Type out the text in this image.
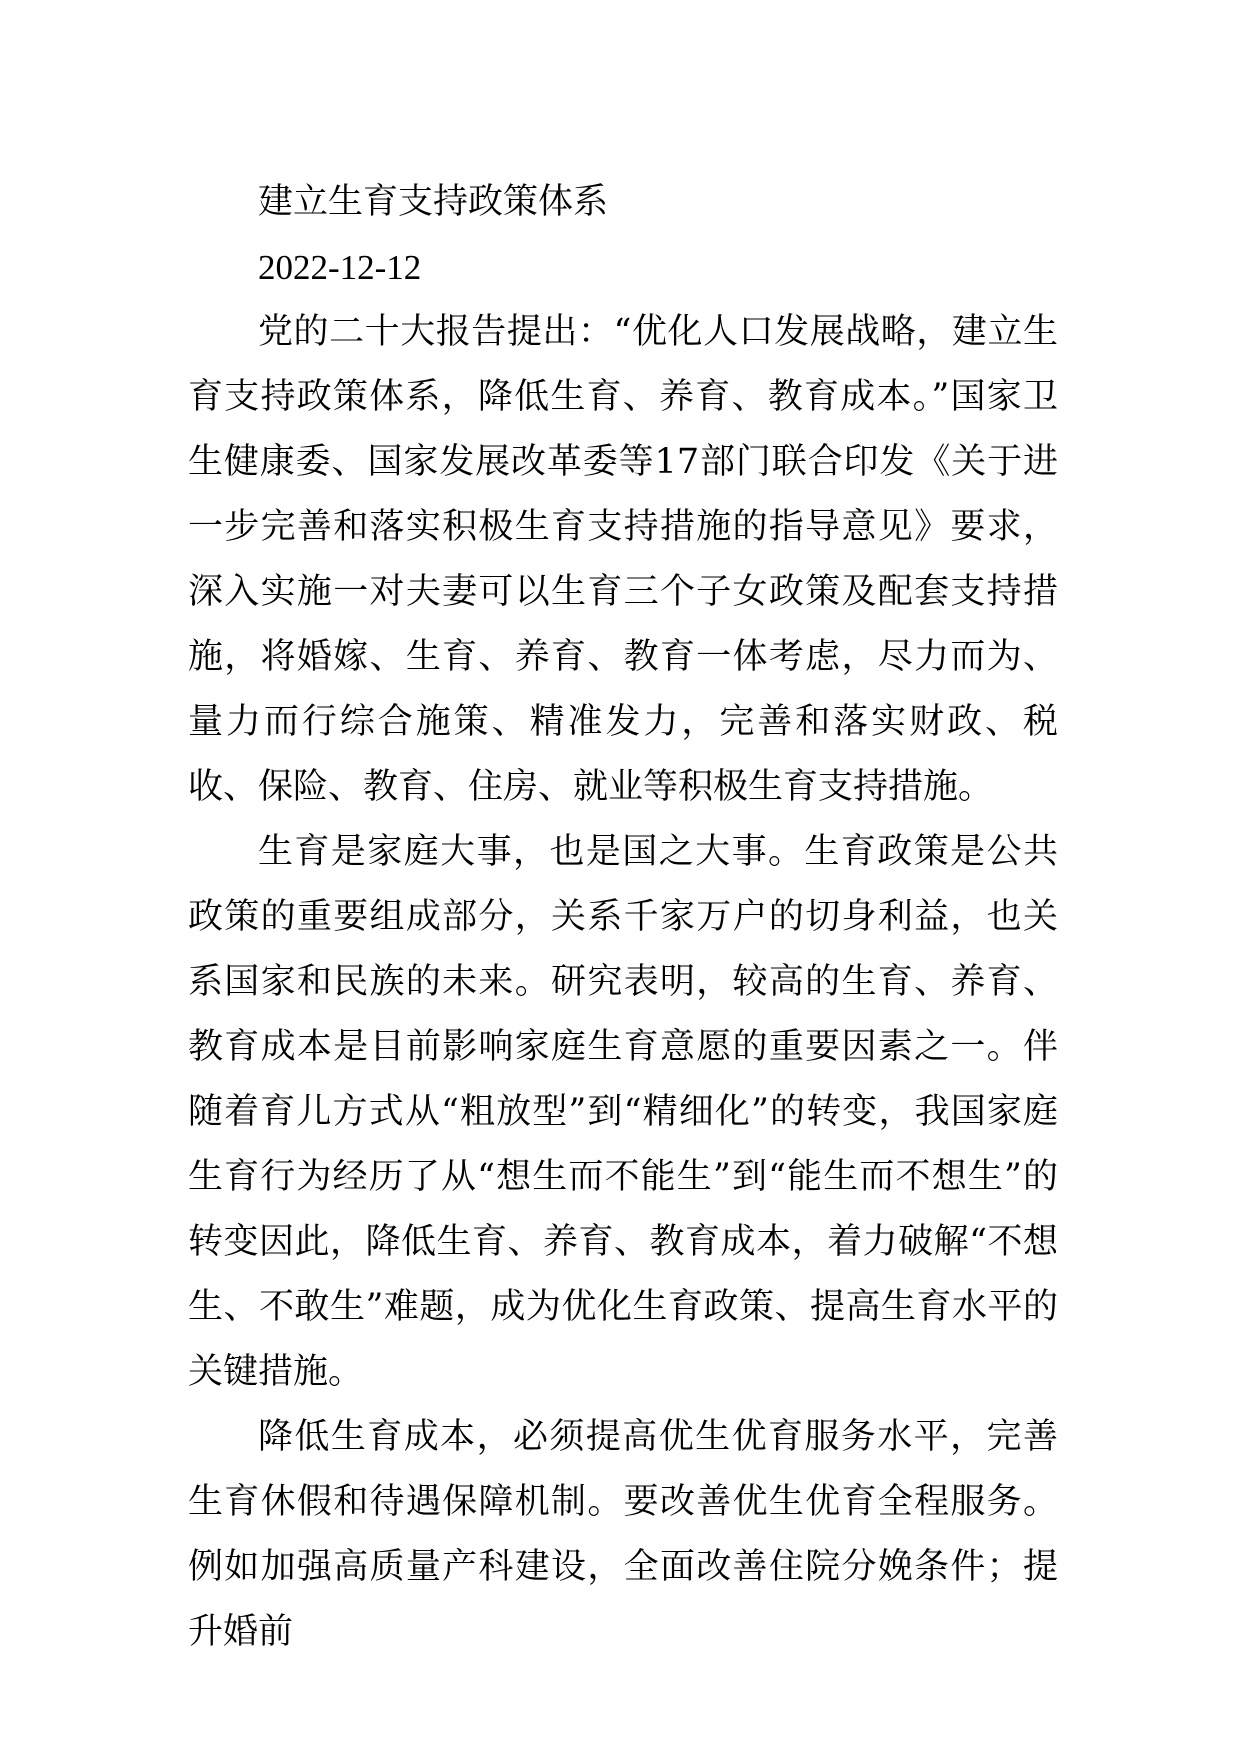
建立生育支持政策体系

2022-12-12

党的二十大报告提出：“优化人口发展战略，建立生育支持政策体系，降低生育、养育、教育成本。”国家卫生健康委、国家发展改革委等17部门联合印发《关于进一步完善和落实积极生育支持措施的指导意见》要求，深入实施一对夫妻可以生育三个子女政策及配套支持措施，将婚嫁、生育、养育、教育一体考虑，尽力而为、量力而行综合施策、精准发力，完善和落实财政、税收、保险、教育、住房、就业等积极生育支持措施。

生育是家庭大事，也是国之大事。生育政策是公共政策的重要组成部分，关系千家万户的切身利益，也关系国家和民族的未来。研究表明，较高的生育、养育、教育成本是目前影响家庭生育意愿的重要因素之一。伴随着育儿方式从“粗放型”到“精细化”的转变，我国家庭生育行为经历了从“想生而不能生”到“能生而不想生”的转变因此，降低生育、养育、教育成本，着力破解“不想生、不敢生”难题，成为优化生育政策、提高生育水平的关键措施。

降低生育成本，必须提高优生优育服务水平，完善生育休假和待遇保障机制。要改善优生优育全程服务。例如加强高质量产科建设，全面改善住院分娩条件；提升婚前
